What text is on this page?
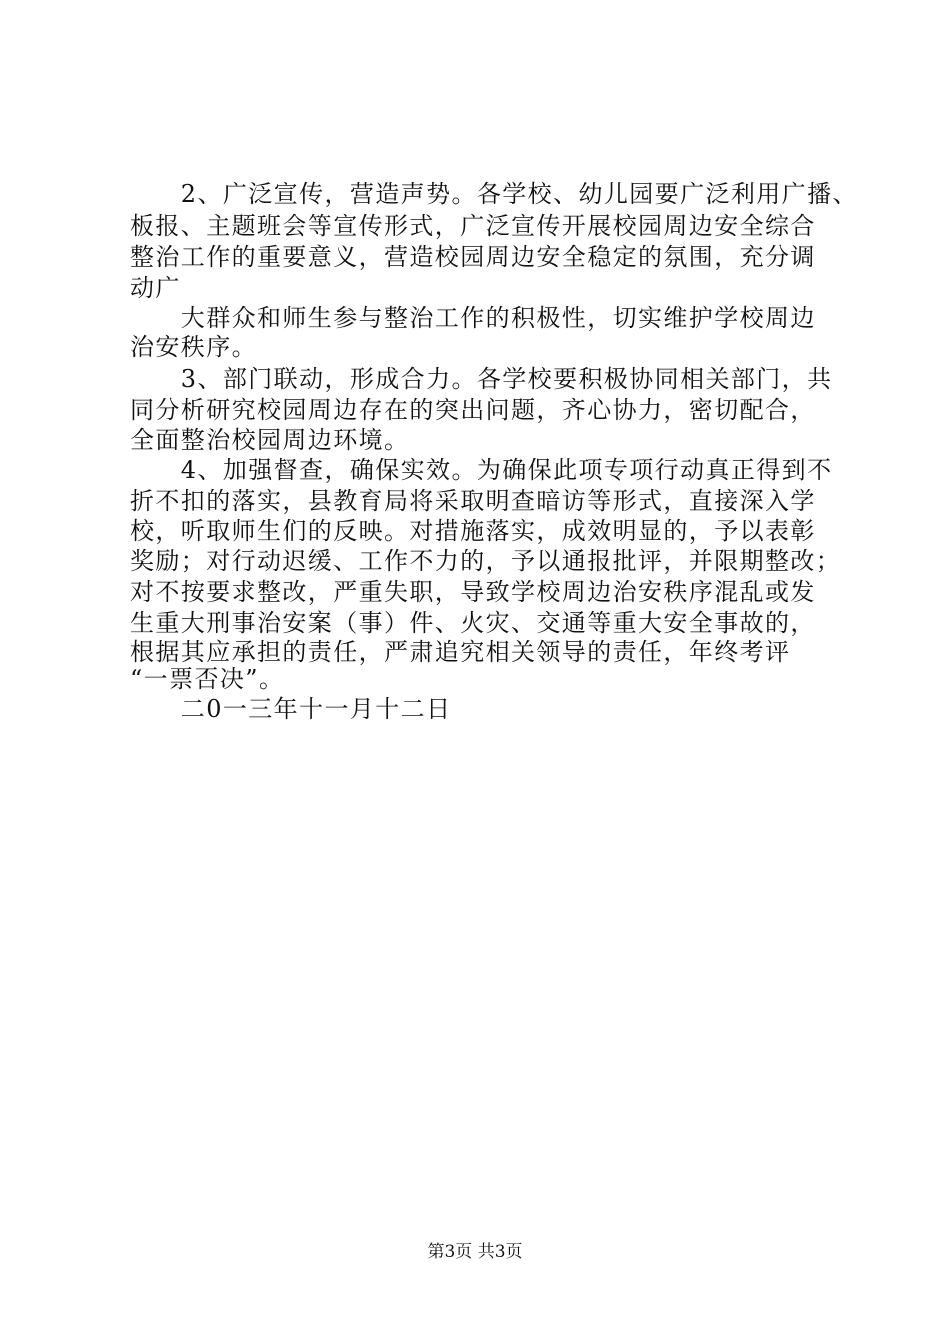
　　2、广泛宣传，营造声势。各学校、幼儿园要广泛利用广播、
板报、主题班会等宣传形式，广泛宣传开展校园周边安全综合
整治工作的重要意义，营造校园周边安全稳定的氛围，充分调
动广
　　大群众和师生参与整治工作的积极性，切实维护学校周边
治安秩序。
　　3、部门联动，形成合力。各学校要积极协同相关部门，共
同分析研究校园周边存在的突出问题，齐心协力，密切配合，
全面整治校园周边环境。
　　4、加强督查，确保实效。为确保此项专项行动真正得到不
折不扣的落实，县教育局将采取明查暗访等形式，直接深入学
校，听取师生们的反映。对措施落实，成效明显的，予以表彰
奖励；对行动迟缓、工作不力的，予以通报批评，并限期整改；
对不按要求整改，严重失职，导致学校周边治安秩序混乱或发
生重大刑事治安案（事）件、火灾、交通等重大安全事故的，
根据其应承担的责任，严肃追究相关领导的责任，年终考评
“一票否决”。
　　二0一三年十一月十二日
第3页 共3页
